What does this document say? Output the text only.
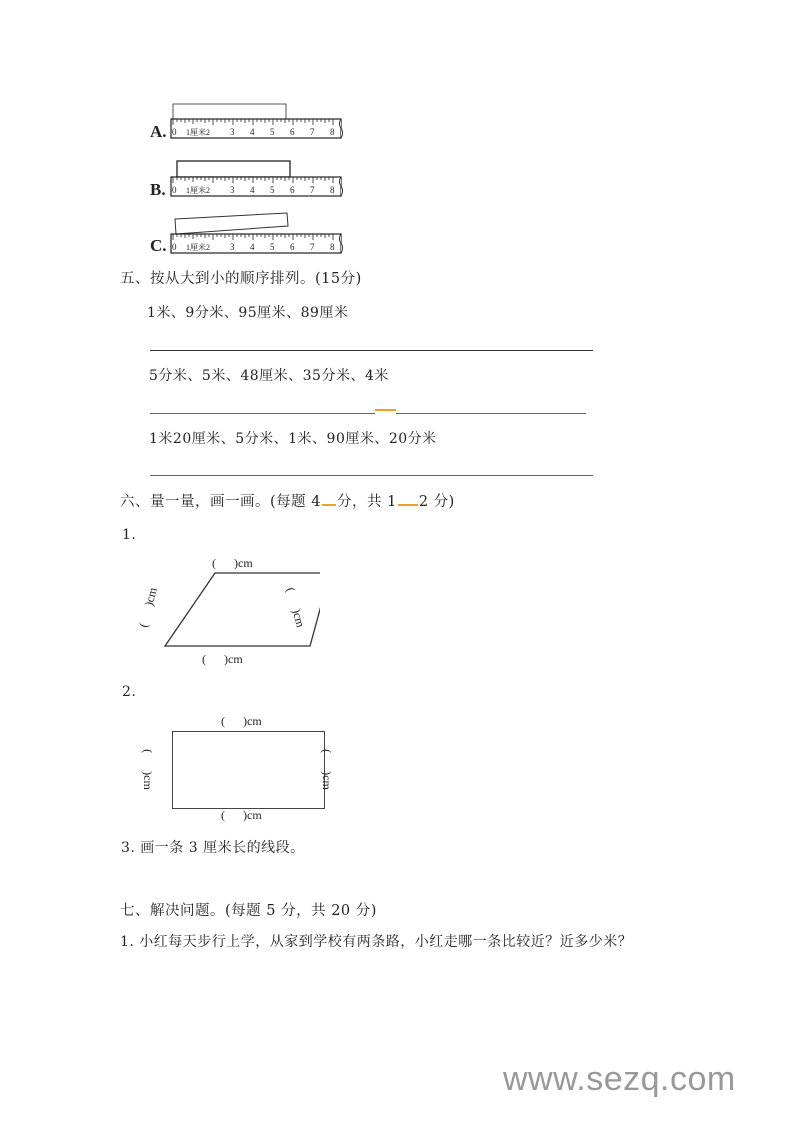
A.
B.
C.
6	7	8
五、按从大到小的顺序排列。(15分)
1米、9分米、95厘米、89厘米
5分米、5米、48厘米、35分米、4米
1米20厘米、5分米、1米、90厘米、20分米
六、量一量，画一画。(每题 4 分，共 1 2 分)
1.
(      )cm
(      )cm
(      )cm	(      )cm
2.
(      )cm
(      )cm
(      )cm	(      )cm
3. 画一条 3 厘米长的线段。
七、解决问题。(每题 5 分，共 20 分)
1. 小红每天步行上学，从家到学校有两条路，小红走哪一条比较近？近多少米？
www.sezq.com
